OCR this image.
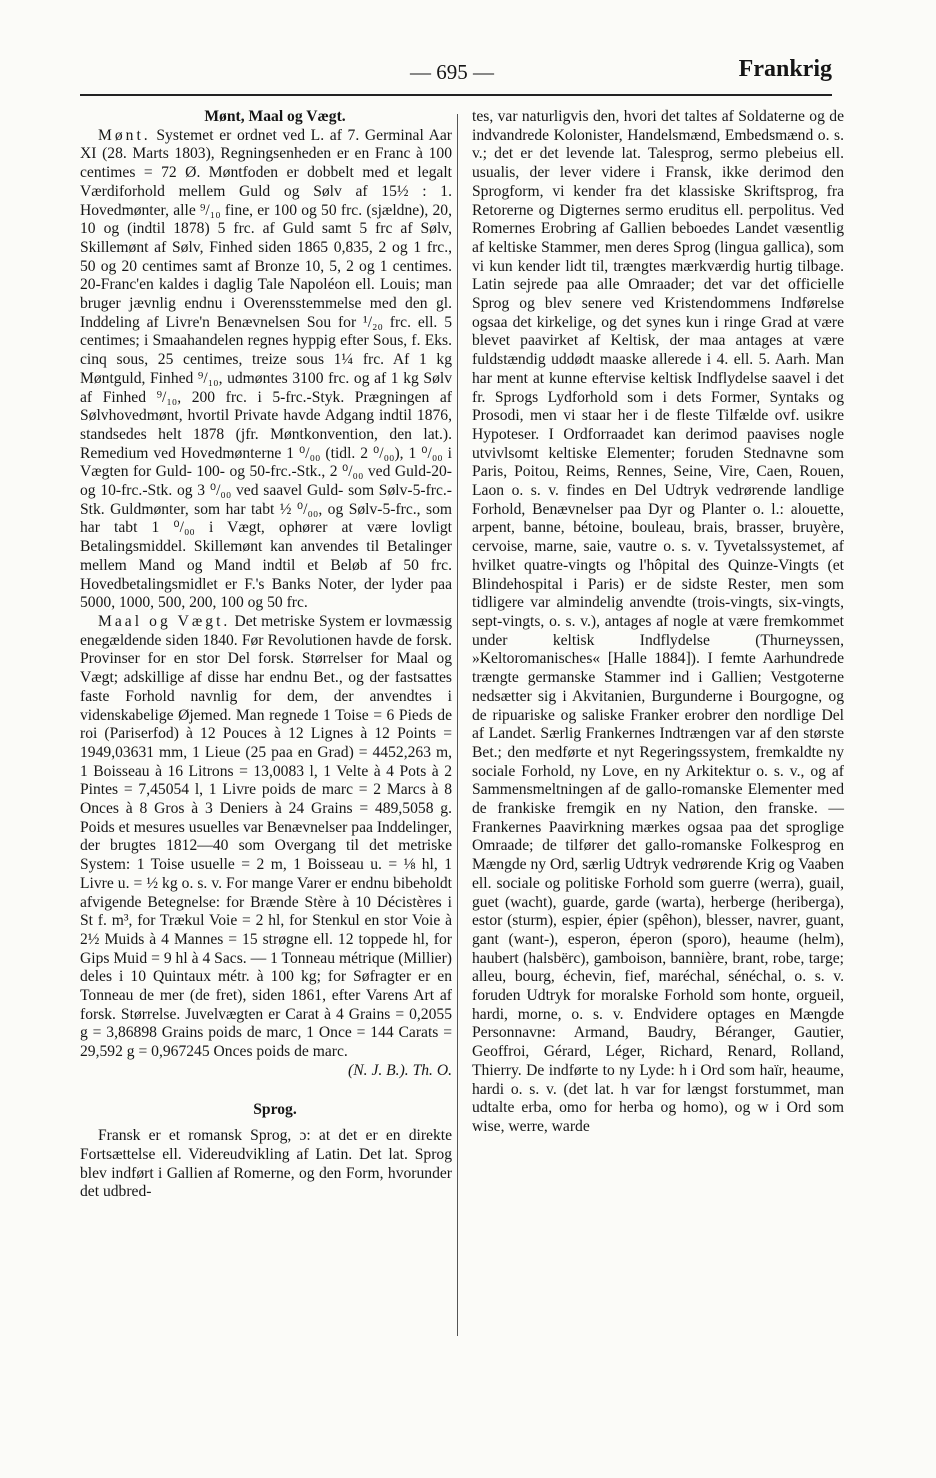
— 695 —	Frankrig

Mønt, Maal og Vægt.

Mønt. Systemet er ordnet ved L. af 7. Germinal Aar XI (28. Marts 1803), Regningsenheden er en Franc à 100 centimes = 72 Ø. Møntfoden er dobbelt med et legalt Værdiforhold mellem Guld og Sølv af 15½ : 1. Hovedmønter, alle ⁹/₁₀ fine, er 100 og 50 frc. (sjældne), 20, 10 og (indtil 1878) 5 frc. af Guld samt 5 frc af Sølv, Skillemønt af Sølv, Finhed siden 1865 0,835, 2 og 1 frc., 50 og 20 centimes samt af Bronze 10, 5, 2 og 1 centimes. 20-Franc'en kaldes i daglig Tale Napoléon ell. Louis; man bruger jævnlig endnu i Overensstemmelse med den gl. Inddeling af Livre'n Benævnelsen Sou for ¹/₂₀ frc. ell. 5 centimes; i Smaahandelen regnes hyppig efter Sous, f. Eks. cinq sous, 25 centimes, treize sous 1¼ frc. Af 1 kg Møntguld, Finhed ⁹/₁₀, udmøntes 3100 frc. og af 1 kg Sølv af Finhed ⁹/₁₀, 200 frc. i 5-frc.-Styk. Prægningen af Sølvhovedmønt, hvortil Private havde Adgang indtil 1876, standsedes helt 1878 (jfr. Møntkonvention, den lat.). Remedium ved Hovedmønterne 1 ⁰/₀₀ (tidl. 2 ⁰/₀₀), 1 ⁰/₀₀ i Vægten for Guld- 100- og 50-frc.-Stk., 2 ⁰/₀₀ ved Guld-20- og 10-frc.-Stk. og 3 ⁰/₀₀ ved saavel Guld- som Sølv-5-frc.-Stk. Guldmønter, som har tabt ½ ⁰/₀₀, og Sølv-5-frc., som har tabt 1 ⁰/₀₀ i Vægt, ophører at være lovligt Betalingsmiddel. Skillemønt kan anvendes til Betalinger mellem Mand og Mand indtil et Beløb af 50 frc. Hovedbetalingsmidlet er F.'s Banks Noter, der lyder paa 5000, 1000, 500, 200, 100 og 50 frc.

Maal og Vægt. Det metriske System er lovmæssig enegældende siden 1840. Før Revolutionen havde de forsk. Provinser for en stor Del forsk. Størrelser for Maal og Vægt; adskillige af disse har endnu Bet., og der fastsattes faste Forhold navnlig for dem, der anvendtes i videnskabelige Øjemed. Man regnede 1 Toise = 6 Pieds de roi (Pariserfod) à 12 Pouces à 12 Lignes à 12 Points = 1949,03631 mm, 1 Lieue (25 paa en Grad) = 4452,263 m, 1 Boisseau à 16 Litrons = 13,0083 l, 1 Velte à 4 Pots à 2 Pintes = 7,45054 l, 1 Livre poids de marc = 2 Marcs à 8 Onces à 8 Gros à 3 Deniers à 24 Grains = 489,5058 g. Poids et mesures usuelles var Benævnelser paa Inddelinger, der brugtes 1812—40 som Overgang til det metriske System: 1 Toise usuelle = 2 m, 1 Boisseau u. = ⅛ hl, 1 Livre u. = ½ kg o. s. v. For mange Varer er endnu bibeholdt afvigende Betegnelse: for Brænde Stère à 10 Décistères i St f. m³, for Trækul Voie = 2 hl, for Stenkul en stor Voie à 2½ Muids à 4 Mannes = 15 strøgne ell. 12 toppede hl, for Gips Muid = 9 hl à 4 Sacs. — 1 Tonneau métrique (Millier) deles i 10 Quintaux métr. à 100 kg; for Søfragter er en Tonneau de mer (de fret), siden 1861, efter Varens Art af forsk. Størrelse. Juvelvægten er Carat à 4 Grains = 0,2055 g = 3,86898 Grains poids de marc, 1 Once = 144 Carats = 29,592 g = 0,967245 Onces poids de marc.

(N. J. B.). Th. O.

Sprog.

Fransk er et romansk Sprog, ɔ: at det er en direkte Fortsættelse ell. Videreudvikling af Latin. Det lat. Sprog blev indført i Gallien af Romerne, og den Form, hvorunder det udbred-

tes, var naturligvis den, hvori det taltes af Soldaterne og de indvandrede Kolonister, Handelsmænd, Embedsmænd o. s. v.; det er det levende lat. Talesprog, sermo plebeius ell. usualis, der lever videre i Fransk, ikke derimod den Sprogform, vi kender fra det klassiske Skriftsprog, fra Retorerne og Digternes sermo eruditus ell. perpolitus. Ved Romernes Erobring af Gallien beboedes Landet væsentlig af keltiske Stammer, men deres Sprog (lingua gallica), som vi kun kender lidt til, trængtes mærkværdig hurtig tilbage. Latin sejrede paa alle Omraader; det var det officielle Sprog og blev senere ved Kristendommens Indførelse ogsaa det kirkelige, og det synes kun i ringe Grad at være blevet paavirket af Keltisk, der maa antages at være fuldstændig uddødt maaske allerede i 4. ell. 5. Aarh. Man har ment at kunne eftervise keltisk Indflydelse saavel i det fr. Sprogs Lydforhold som i dets Former, Syntaks og Prosodi, men vi staar her i de fleste Tilfælde ovf. usikre Hypoteser. I Ordforraadet kan derimod paavises nogle utvivlsomt keltiske Elementer; foruden Stednavne som Paris, Poitou, Reims, Rennes, Seine, Vire, Caen, Rouen, Laon o. s. v. findes en Del Udtryk vedrørende landlige Forhold, Benævnelser paa Dyr og Planter o. l.: alouette, arpent, banne, bétoine, bouleau, brais, brasser, bruyère, cervoise, marne, saie, vautre o. s. v. Tyvetalssystemet, af hvilket quatre-vingts og l'hôpital des Quinze-Vingts (et Blindehospital i Paris) er de sidste Rester, men som tidligere var almindelig anvendte (trois-vingts, six-vingts, sept-vingts, o. s. v.), antages af nogle at være fremkommet under keltisk Indflydelse (Thurneyssen, »Keltoromanisches« [Halle 1884]). I femte Aarhundrede trængte germanske Stammer ind i Gallien; Vestgoterne nedsætter sig i Akvitanien, Burgunderne i Bourgogne, og de ripuariske og saliske Franker erobrer den nordlige Del af Landet. Særlig Frankernes Indtrængen var af den største Bet.; den medførte et nyt Regeringssystem, fremkaldte ny sociale Forhold, ny Love, en ny Arkitektur o. s. v., og af Sammensmeltningen af de gallo-romanske Elementer med de frankiske fremgik en ny Nation, den franske. — Frankernes Paavirkning mærkes ogsaa paa det sproglige Omraade; de tilfører det gallo-romanske Folkesprog en Mængde ny Ord, særlig Udtryk vedrørende Krig og Vaaben ell. sociale og politiske Forhold som guerre (werra), guail, guet (wacht), guarde, garde (warta), herberge (heriberga), estor (sturm), espier, épier (spêhon), blesser, navrer, guant, gant (want-), esperon, éperon (sporo), heaume (helm), haubert (halsbërc), gamboison, bannière, brant, robe, targe; alleu, bourg, échevin, fief, maréchal, sénéchal, o. s. v. foruden Udtryk for moralske Forhold som honte, orgueil, hardi, morne, o. s. v. Endvidere optages en Mængde Personnavne: Armand, Baudry, Béranger, Gautier, Geoffroi, Gérard, Léger, Richard, Renard, Rolland, Thierry. De indførte to ny Lyde: h i Ord som haïr, heaume, hardi o. s. v. (det lat. h var for længst forstummet, man udtalte erba, omo for herba og homo), og w i Ord som wise, werre, warde
